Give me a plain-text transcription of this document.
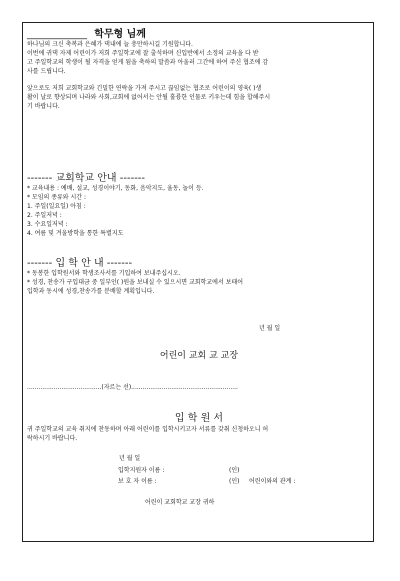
____________ 학무형 님께
하나님의 크신 축복과 은혜가 댁내에 늘 충만하시길 기원합니다.
이번에 귀댁 자제 어린이가 저희 주일학교에 잘 출석하며 신입반에서 소정의 교육을 다 받
고 주일학교의 학생이 될 자격을 얻게 됨을 축하의 말씀과 아울러 그간에 하여 주신 협조에 감
사를 드립니다.
앞으로도 저희 교회학교와 긴밀한 연락을 가져 주시고 끊임없는 협조로 어린이의 영육( )생
활이 날로 향상되며 나라와 사회,교회에 없어서는 안될 훌륭한 인물로 키우는데 힘을 합해주시
기 바랍니다.
------- 교회학교 안내 -------
* 교육내용 : 예배, 설교, 성경이야기, 동화, 음악지도, 율동, 놀이 등.
* 모임의 종류와 시간 :
1. 주일(일요일) 아침 :
2. 주일저녁 :
3. 수요일저녁 :
4. 여름 및 겨울방학을 통한 특별지도
------- 입 학 안 내 -------
* 동봉한 입학원서와 학생조사서를 기입하여 보내주십시오.
* 성경, 찬송가 구입대금 중 일부인( )원을 보내실 수 있으시면 교회학교에서 보태어
입학과 동시에 성경,찬송가를 분배할 계획입니다.
년 월 일
어린이 교회 교 교장
.......................................(자르는 선)........................................................
입 학 원 서
귀 주일학교의 교육 취지에 찬동하며 아래 어린이를 입학시키고자 서류를 갖춰 신청하오니 허
락하시기 바랍니다.
년 월 일
입학지원자 이름 :	(인)
보 호 자 이름 :	(인) 어린이와의 관계 :
어린이 교회학교 교장 귀하
